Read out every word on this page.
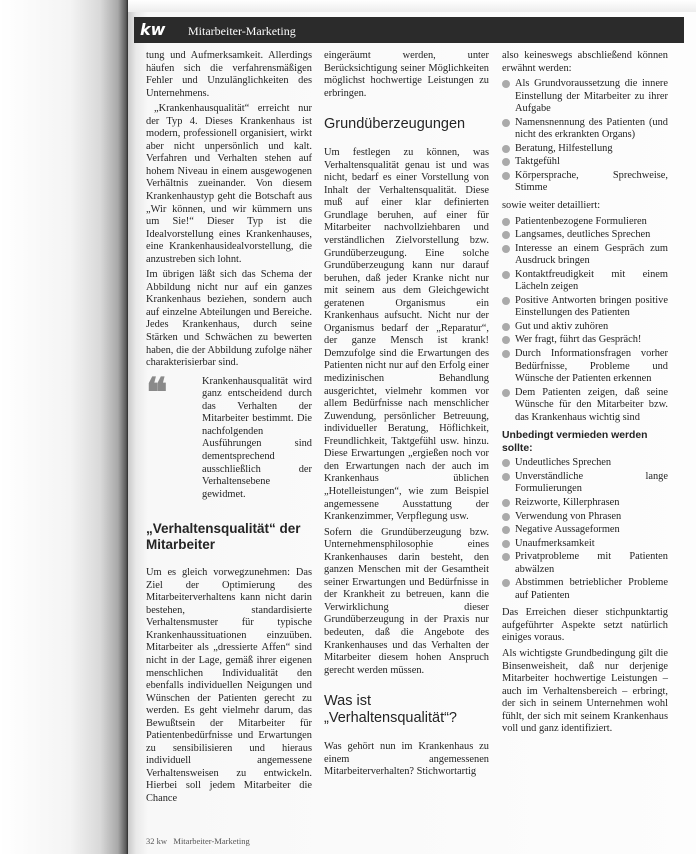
kw	Mitarbeiter-Marketing

tung und Aufmerksamkeit. Allerdings häufen sich die verfahrensmäßigen Fehler und Unzulänglichkeiten des Unternehmens.

„Krankenhausqualität“ erreicht nur der Typ 4. Dieses Krankenhaus ist modern, professionell organisiert, wirkt aber nicht unpersönlich und kalt. Verfahren und Verhalten stehen auf hohem Niveau in einem ausgewogenen Verhältnis zueinander. Von diesem Krankenhaustyp geht die Botschaft aus „Wir können, und wir kümmern uns um Sie!“ Dieser Typ ist die Idealvorstellung eines Krankenhauses, eine Krankenhausidealvorstellung, die anzustreben sich lohnt.

Im übrigen läßt sich das Schema der Abbildung nicht nur auf ein ganzes Krankenhaus beziehen, sondern auch auf einzelne Abteilungen und Bereiche. Jedes Krankenhaus, durch seine Stärken und Schwächen zu bewerten haben, die der Abbildung zufolge näher charakterisierbar sind.

❝	Krankenhausqualität wird ganz entscheidend durch das Verhalten der Mitarbeiter bestimmt. Die nachfolgenden Ausführungen sind dementsprechend ausschließlich der Verhaltensebene gewidmet.
„Verhaltensqualität“ der Mitarbeiter

Um es gleich vorwegzunehmen: Das Ziel der Optimierung des Mitarbeiterverhaltens kann nicht darin bestehen, standardisierte Verhaltensmuster für typische Krankenhaussituationen einzuüben. Mitarbeiter als „dressierte Affen“ sind nicht in der Lage, gemäß ihrer eigenen menschlichen Individualität den ebenfalls individuellen Neigungen und Wünschen der Patienten gerecht zu werden. Es geht vielmehr darum, das Bewußtsein der Mitarbeiter für Patientenbedürfnisse und Erwartungen zu sensibilisieren und hieraus individuell angemessene Verhaltensweisen zu entwickeln. Hierbei soll jedem Mitarbeiter die Chance

eingeräumt werden, unter Berücksichtigung seiner Möglichkeiten möglichst hochwertige Leistungen zu erbringen.

Grundüberzeugungen

Um festlegen zu können, was Verhaltensqualität genau ist und was nicht, bedarf es einer Vorstellung von Inhalt der Verhaltensqualität. Diese muß auf einer klar definierten Grundlage beruhen, auf einer für Mitarbeiter nachvollziehbaren und verständlichen Zielvorstellung bzw. Grundüberzeugung. Eine solche Grundüberzeugung kann nur darauf beruhen, daß jeder Kranke nicht nur mit seinem aus dem Gleichgewicht geratenen Organismus ein Krankenhaus aufsucht. Nicht nur der Organismus bedarf der „Reparatur“, der ganze Mensch ist krank! Demzufolge sind die Erwartungen des Patienten nicht nur auf den Erfolg einer medizinischen Behandlung ausgerichtet, vielmehr kommen vor allem Bedürfnisse nach menschlicher Zuwendung, persönlicher Betreuung, individueller Beratung, Höflichkeit, Freundlichkeit, Taktgefühl usw. hinzu. Diese Erwartungen „ergießen noch vor den Erwartungen nach der auch im Krankenhaus üblichen „Hotelleistungen“, wie zum Beispiel angemessene Ausstattung der Krankenzimmer, Verpflegung usw.

Sofern die Grundüberzeugung bzw. Unternehmensphilosophie eines Krankenhauses darin besteht, den ganzen Menschen mit der Gesamtheit seiner Erwartungen und Bedürfnisse in der Krankheit zu betreuen, kann die Verwirklichung dieser Grundüberzeugung in der Praxis nur bedeuten, daß die Angebote des Krankenhauses und das Verhalten der Mitarbeiter diesem hohen Anspruch gerecht werden müssen.

Was ist „Verhaltensqualität“?

Was gehört nun im Krankenhaus zu einem angemessenen Mitarbeiterverhalten? Stichwortartig

also keineswegs abschließend können erwähnt werden:

Als Grundvoraussetzung die innere Einstellung der Mitarbeiter zu ihrer Aufgabe
Namensnennung des Patienten (und nicht des erkrankten Organs)
Beratung, Hilfestellung
Taktgefühl
Körpersprache, Sprechweise, Stimme

sowie weiter detailliert:

Patientenbezogene Formulieren
Langsames, deutliches Sprechen
Interesse an einem Gespräch zum Ausdruck bringen
Kontaktfreudigkeit mit einem Lächeln zeigen
Positive Antworten bringen positive Einstellungen des Patienten
Gut und aktiv zuhören
Wer fragt, führt das Gespräch!
Durch Informationsfragen vorher Bedürfnisse, Probleme und Wünsche der Patienten erkennen
Dem Patienten zeigen, daß seine Wünsche für den Mitarbeiter bzw. das Krankenhaus wichtig sind
Unbedingt vermieden werden sollte:
Undeutliches Sprechen
Unverständliche lange Formulierungen
Reizworte, Killerphrasen
Verwendung von Phrasen
Negative Aussageformen
Unaufmerksamkeit
Privatprobleme mit Patienten abwälzen
Abstimmen betrieblicher Probleme auf Patienten

Das Erreichen dieser stichpunktartig aufgeführter Aspekte setzt natürlich einiges voraus.

Als wichtigste Grundbedingung gilt die Binsenweisheit, daß nur derjenige Mitarbeiter hochwertige Leistungen – auch im Verhaltensbereich – erbringt, der sich in seinem Unternehmen wohl fühlt, der sich mit seinem Krankenhaus voll und ganz identifiziert.

32 kw Mitarbeiter-Marketing
